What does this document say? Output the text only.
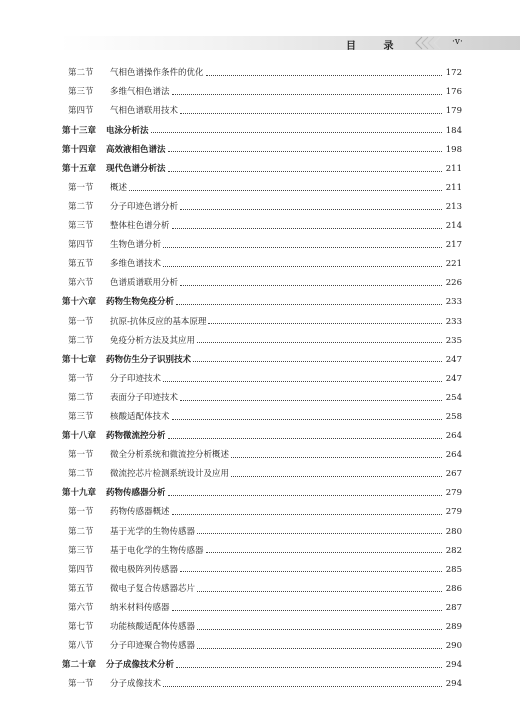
目 录	·v·
第二节	气相色谱操作条件的优化	172
第三节	多维气相色谱法	176
第四节	气相色谱联用技术	179
第十三章	电泳分析法	184
第十四章	高效液相色谱法	198
第十五章	现代色谱分析法	211
第一节	概述	211
第二节	分子印迹色谱分析	213
第三节	整体柱色谱分析	214
第四节	生物色谱分析	217
第五节	多维色谱技术	221
第六节	色谱质谱联用分析	226
第十六章	药物生物免疫分析	233
第一节	抗原-抗体反应的基本原理	233
第二节	免疫分析方法及其应用	235
第十七章	药物仿生分子识别技术	247
第一节	分子印迹技术	247
第二节	表面分子印迹技术	254
第三节	核酸适配体技术	258
第十八章	药物微流控分析	264
第一节	微全分析系统和微流控分析概述	264
第二节	微流控芯片检测系统设计及应用	267
第十九章	药物传感器分析	279
第一节	药物传感器概述	279
第二节	基于光学的生物传感器	280
第三节	基于电化学的生物传感器	282
第四节	微电极阵列传感器	285
第五节	微电子复合传感器芯片	286
第六节	纳米材料传感器	287
第七节	功能核酸适配体传感器	289
第八节	分子印迹聚合物传感器	290
第二十章	分子成像技术分析	294
第一节	分子成像技术	294
